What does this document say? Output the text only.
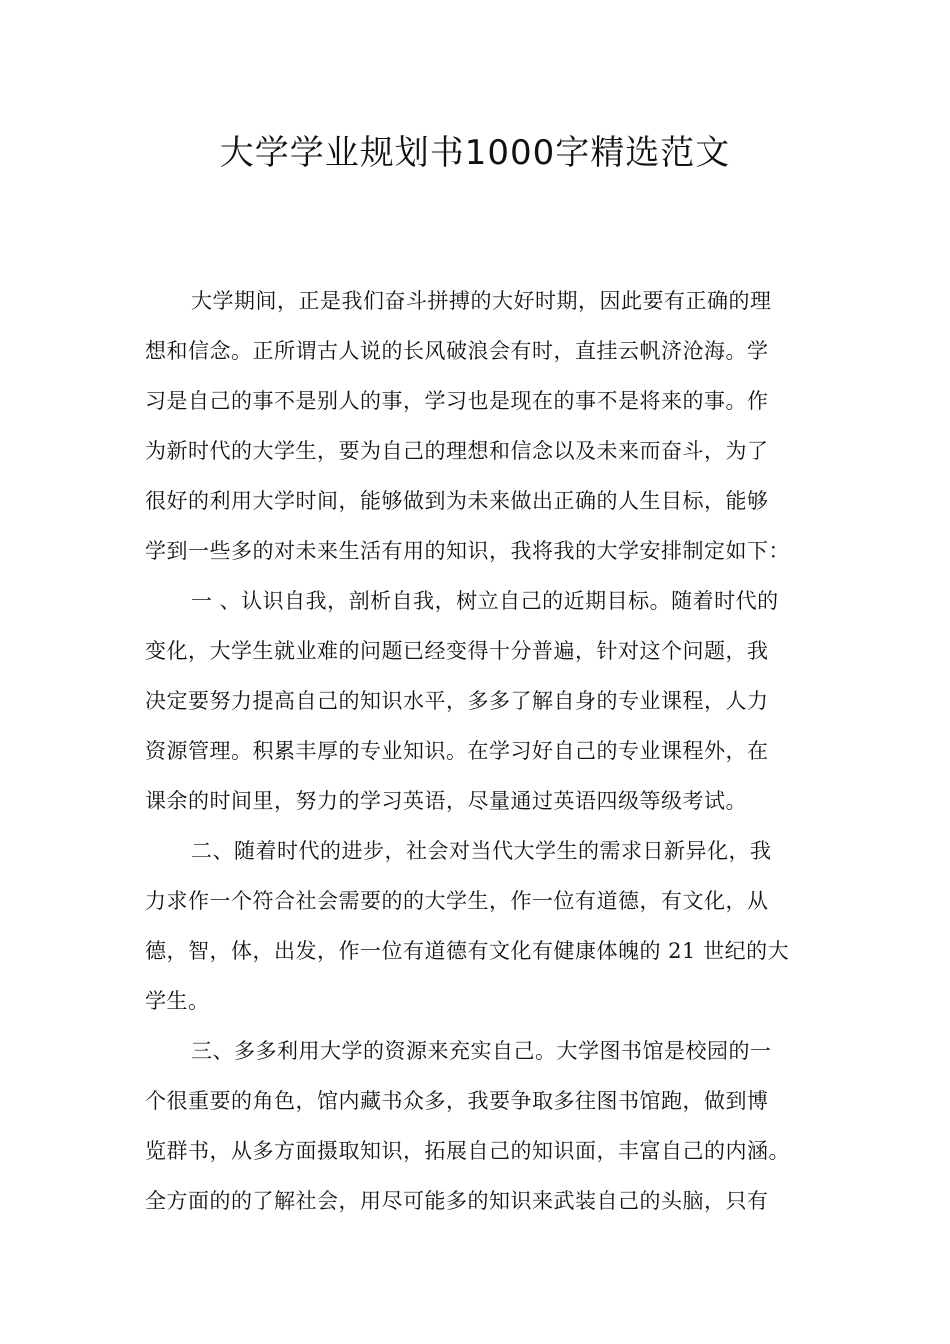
大学学业规划书1000字精选范文

大学期间，正是我们奋斗拼搏的大好时期，因此要有正确的理

想和信念。正所谓古人说的长风破浪会有时，直挂云帆济沧海。学

习是自己的事不是别人的事，学习也是现在的事不是将来的事。作

为新时代的大学生，要为自己的理想和信念以及未来而奋斗，为了

很好的利用大学时间，能够做到为未来做出正确的人生目标，能够

学到一些多的对未来生活有用的知识，我将我的大学安排制定如下：

一 、认识自我，剖析自我，树立自己的近期目标。随着时代的

变化，大学生就业难的问题已经变得十分普遍，针对这个问题，我

决定要努力提高自己的知识水平，多多了解自身的专业课程，人力

资源管理。积累丰厚的专业知识。在学习好自己的专业课程外，在

课余的时间里，努力的学习英语，尽量通过英语四级等级考试。

二、随着时代的进步，社会对当代大学生的需求日新异化，我

力求作一个符合社会需要的的大学生，作一位有道德，有文化，从

德，智，体，出发，作一位有道德有文化有健康体魄的 21 世纪的大

学生。

三、多多利用大学的资源来充实自己。大学图书馆是校园的一

个很重要的角色，馆内藏书众多，我要争取多往图书馆跑，做到博

览群书，从多方面摄取知识，拓展自己的知识面，丰富自己的内涵。

全方面的的了解社会，用尽可能多的知识来武装自己的头脑，只有
